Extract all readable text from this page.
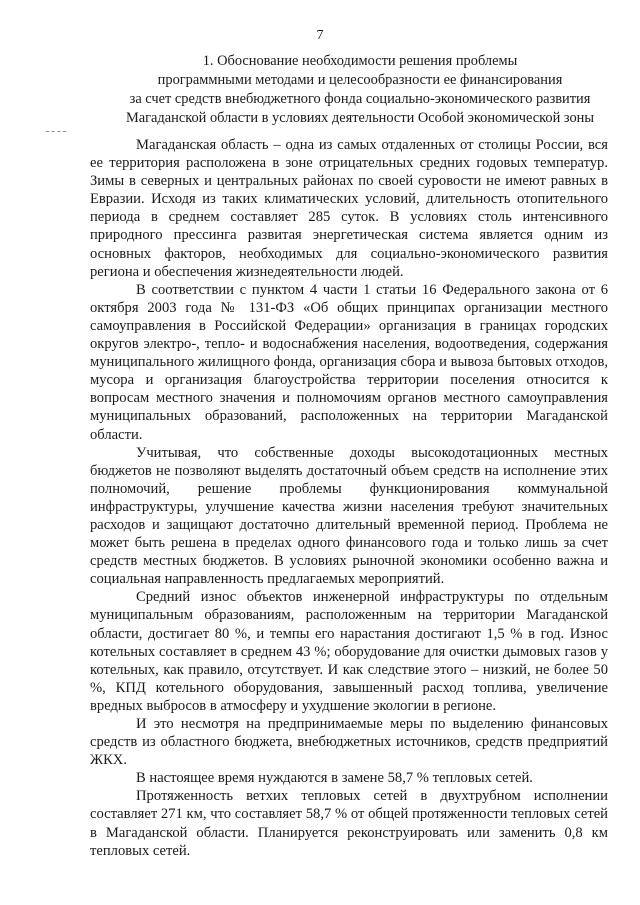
7
1. Обоснование необходимости решения проблемы
программными методами и целесообразности ее финансирования
за счет средств внебюджетного фонда социально-экономического развития
Магаданской области в условиях деятельности Особой экономической зоны

Магаданская область – одна из самых отдаленных от столицы России, вся ее территория расположена в зоне отрицательных средних годовых температур. Зимы в северных и центральных районах по своей суровости не имеют равных в Евразии. Исходя из таких климатических условий, длительность отопительного периода в среднем составляет 285 суток. В условиях столь интенсивного природного прессинга развитая энергетическая система является одним из основных факторов, необходимых для социально-экономического развития региона и обеспечения жизнедеятельности людей.

В соответствии с пунктом 4 части 1 статьи 16 Федерального закона от 6 октября 2003 года № 131-ФЗ «Об общих принципах организации местного самоуправления в Российской Федерации» организация в границах городских округов электро-, тепло- и водоснабжения населения, водоотведения, содержания муниципального жилищного фонда, организация сбора и вывоза бытовых отходов, мусора и организация благоустройства территории поселения относится к вопросам местного значения и полномочиям органов местного самоуправления муниципальных образований, расположенных на территории Магаданской области.

Учитывая, что собственные доходы высокодотационных местных бюджетов не позволяют выделять достаточный объем средств на исполнение этих полномочий, решение проблемы функционирования коммунальной инфраструктуры, улучшение качества жизни населения требуют значительных расходов и защищают достаточно длительный временной период. Проблема не может быть решена в пределах одного финансового года и только лишь за счет средств местных бюджетов. В условиях рыночной экономики особенно важна и социальная направленность предлагаемых мероприятий.

Средний износ объектов инженерной инфраструктуры по отдельным муниципальным образованиям, расположенным на территории Магаданской области, достигает 80 %, и темпы его нарастания достигают 1,5 % в год. Износ котельных составляет в среднем 43 %; оборудование для очистки дымовых газов у котельных, как правило, отсутствует. И как следствие этого – низкий, не более 50 %, КПД котельного оборудования, завышенный расход топлива, увеличение вредных выбросов в атмосферу и ухудшение экологии в регионе.

И это несмотря на предпринимаемые меры по выделению финансовых средств из областного бюджета, внебюджетных источников, средств предприятий ЖКХ.

В настоящее время нуждаются в замене 58,7 % тепловых сетей.

Протяженность ветхих тепловых сетей в двухтрубном исполнении составляет 271 км, что составляет 58,7 % от общей протяженности тепловых сетей в Магаданской области. Планируется реконструировать или заменить 0,8 км тепловых сетей.
